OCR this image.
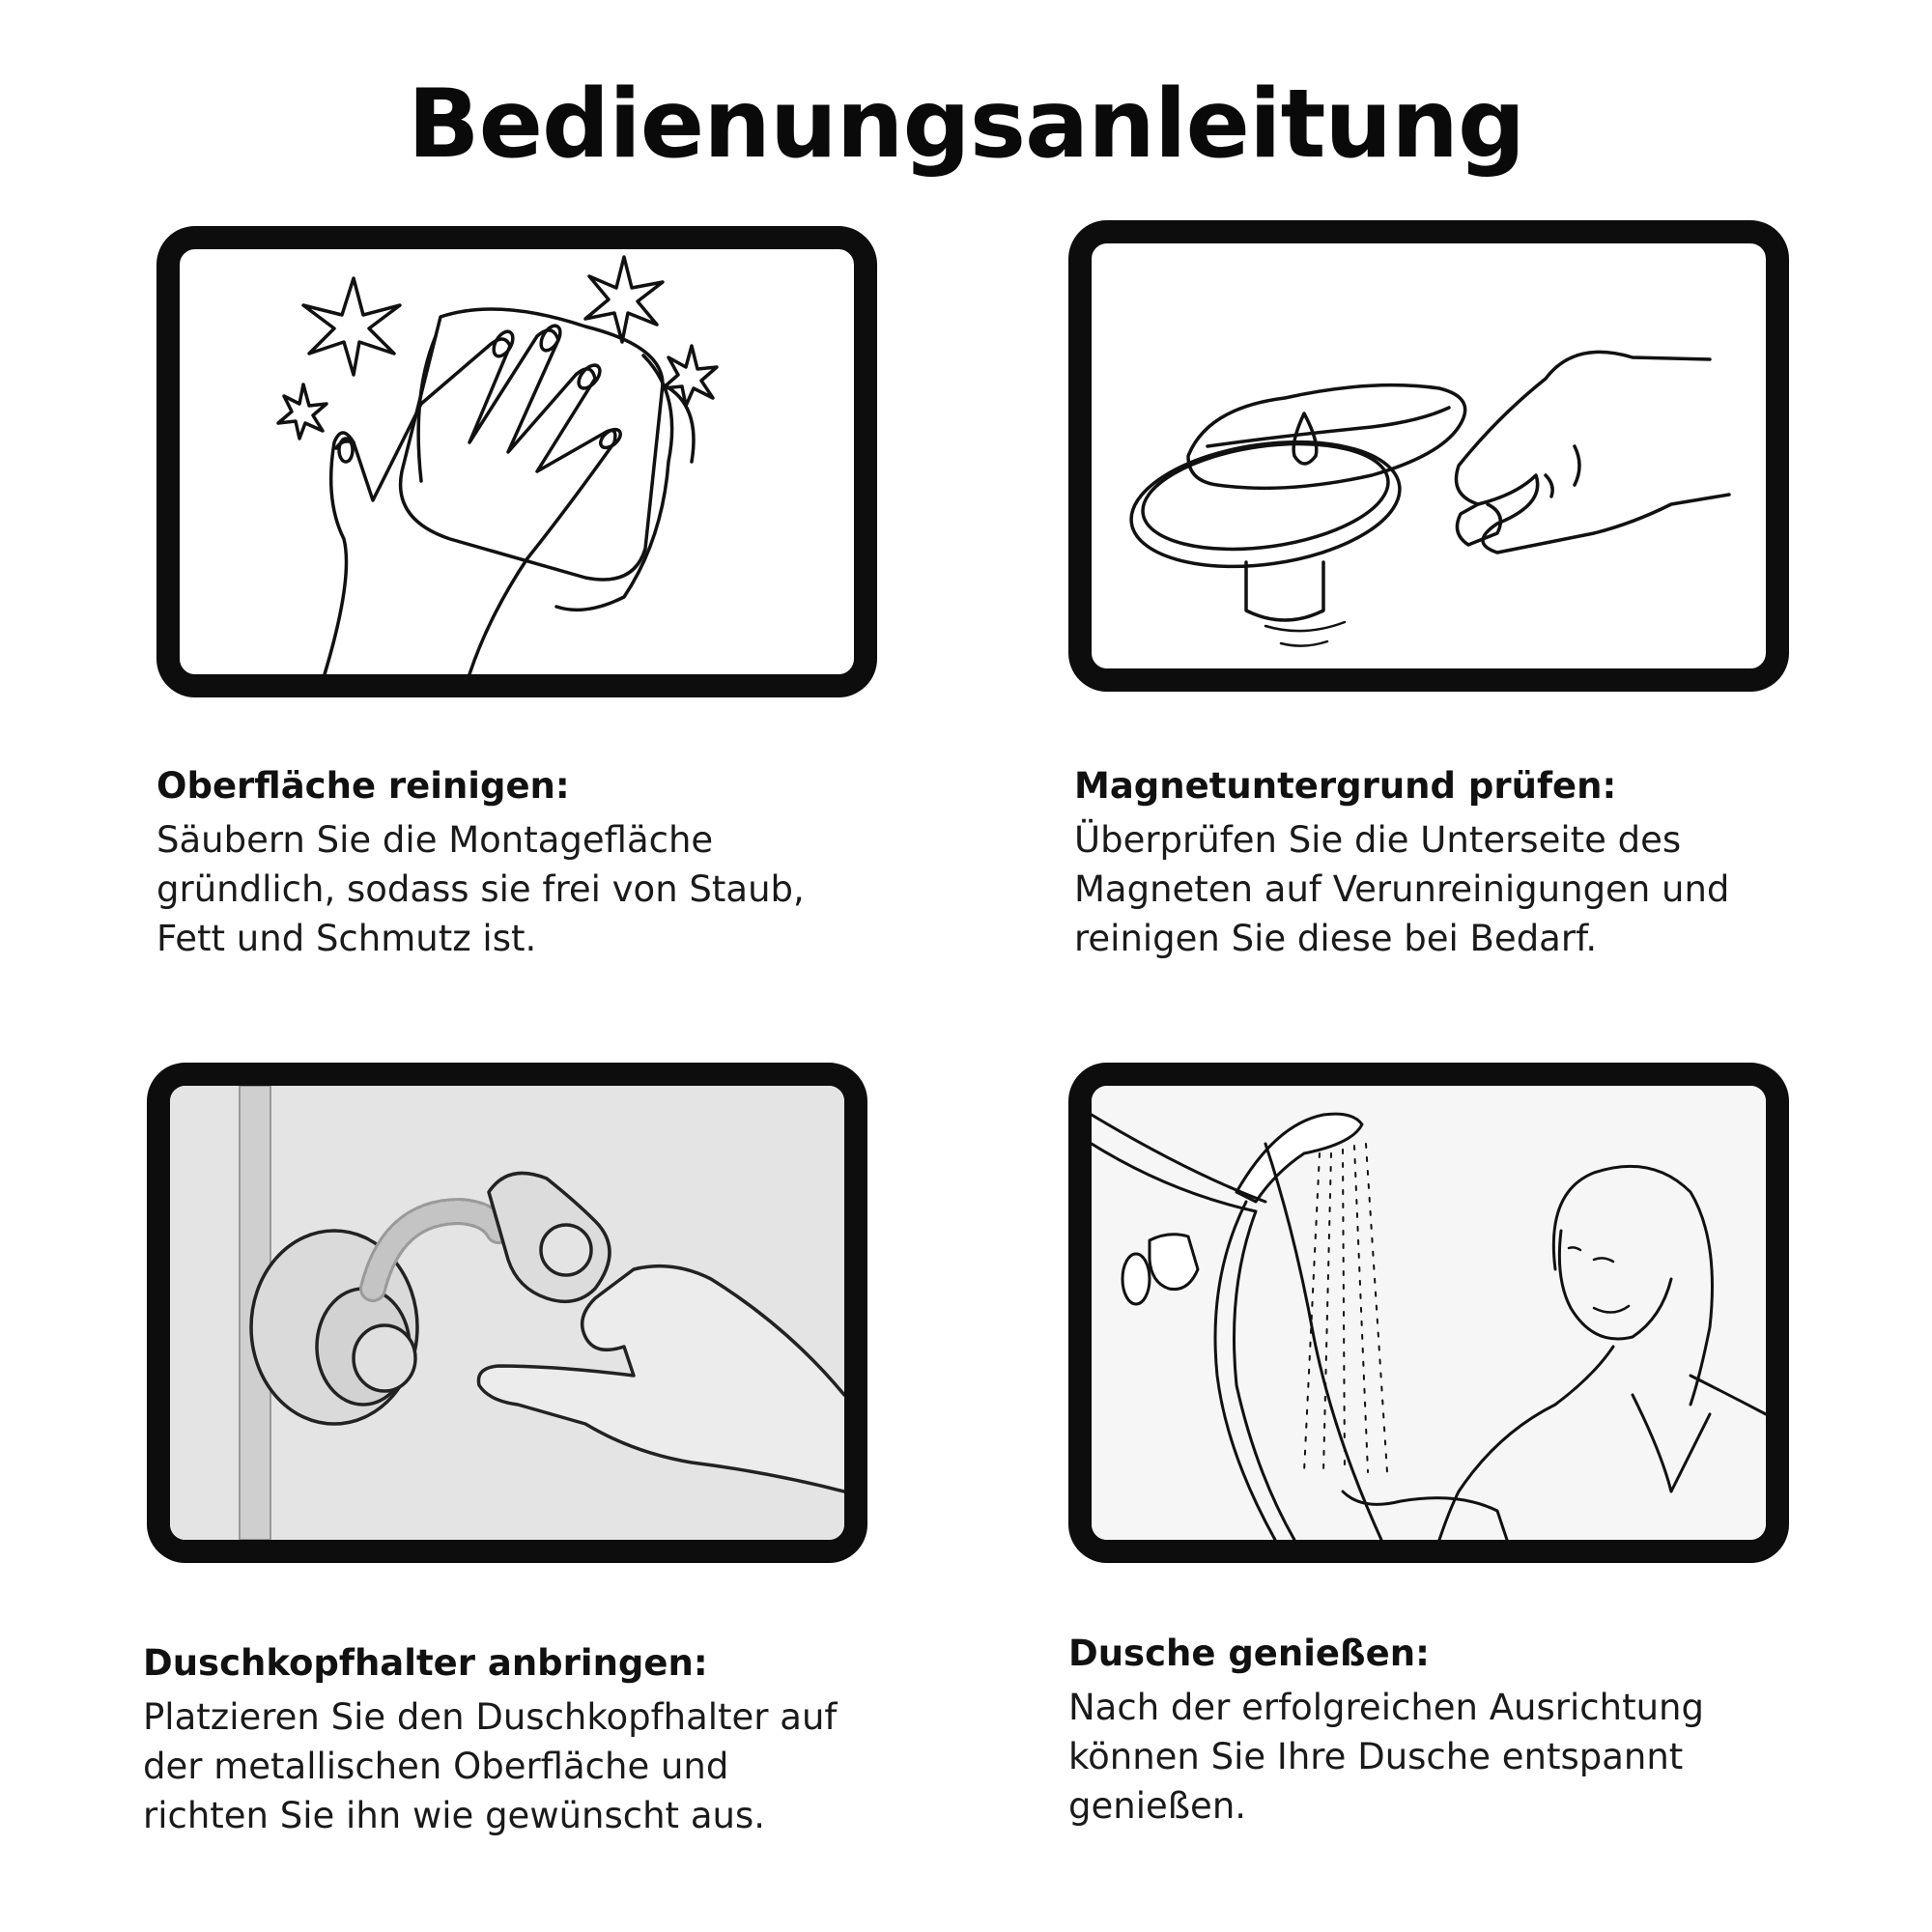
Bedienungsanleitung
Oberfläche reinigen:
Säubern Sie die Montagefläche
gründlich, sodass sie frei von Staub,
Fett und Schmutz ist.
Magnetuntergrund prüfen:
Überprüfen Sie die Unterseite des
Magneten auf Verunreinigungen und
reinigen Sie diese bei Bedarf.
Duschkopfhalter anbringen:
Platzieren Sie den Duschkopfhalter auf
der metallischen Oberfläche und
richten Sie ihn wie gewünscht aus.
Dusche genießen:
Nach der erfolgreichen Ausrichtung
können Sie Ihre Dusche entspannt
genießen.
